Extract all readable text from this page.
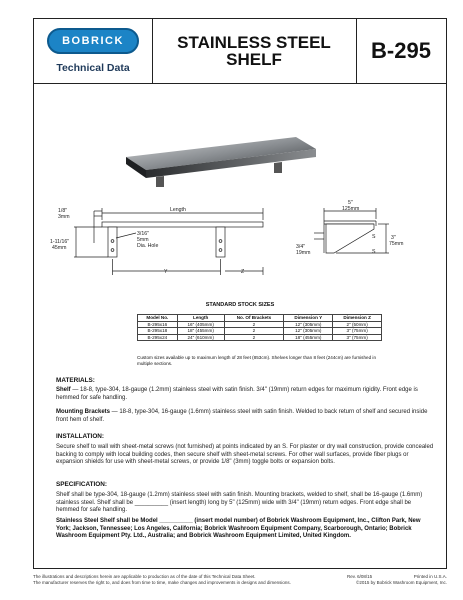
BOBRICK
Technical Data
STAINLESS STEEL
SHELF	B-295
1/8"
3mm
Length
1-11/16"
45mm
3/16"
5mm
Dia. Hole
Y	Z
5"
125mm
S
S
3"
75mm
3/4"
19mm
STANDARD STOCK SIZES
Model No.	Length	No. Of Brackets	Dimension Y	Dimension Z
B-295x16	16" (405mm)	2	12" (305mm)	2" (50mm)
B-295x18	18" (455mm)	2	12" (305mm)	3" (75mm)
B-295x24	24" (610mm)	2	18" (455mm)	3" (75mm)
Custom sizes available up to maximum length of 28 feet (853cm). Shelves longer than 8 feet (244cm) are furnished in multiple sections.
MATERIALS:
Shelf — 18-8, type-304, 18-gauge (1.2mm) stainless steel with satin finish. 3/4" (19mm) return edges for maximum rigidity. Front edge is hemmed for safe handling.
Mounting Brackets — 18-8, type-304, 16-gauge (1.6mm) stainless steel with satin finish. Welded to back return of shelf and secured inside front hem of shelf.
INSTALLATION:
Secure shelf to wall with sheet-metal screws (not furnished) at points indicated by an S. For plaster or dry wall construction, provide concealed backing to comply with local building codes, then secure shelf with sheet-metal screws. For other wall surfaces, provide fiber plugs or expansion shields for use with sheet-metal screws, or provide 1/8" (3mm) toggle bolts or expansion bolts.
SPECIFICATION:
Shelf shall be type-304, 18-gauge (1.2mm) stainless steel with satin finish. Mounting brackets, welded to shelf, shall be 16-gauge (1.6mm) stainless steel. Shelf shall be __________ (insert length) long by 5" (125mm) wide with 3/4" (19mm) return edges. Front edge shall be hemmed for safe handling.
Stainless Steel Shelf shall be Model __________ (insert model number) of Bobrick Washroom Equipment, Inc., Clifton Park, New York; Jackson, Tennessee; Los Angeles, California; Bobrick Washroom Equipment Company, Scarborough, Ontario; Bobrick Washroom Equipment Pty. Ltd., Australia; and Bobrick Washroom Equipment Limited, United Kingdom.
The illustrations and descriptions herein are applicable to production as of the date of this Technical Data Sheet.
The manufacturer reserves the right to, and does from time to time, make changes and improvements in designs and dimensions.
Rev. 6/08/15	Printed in U.S.A.
©2015 by Bobrick Washroom Equipment, Inc.
